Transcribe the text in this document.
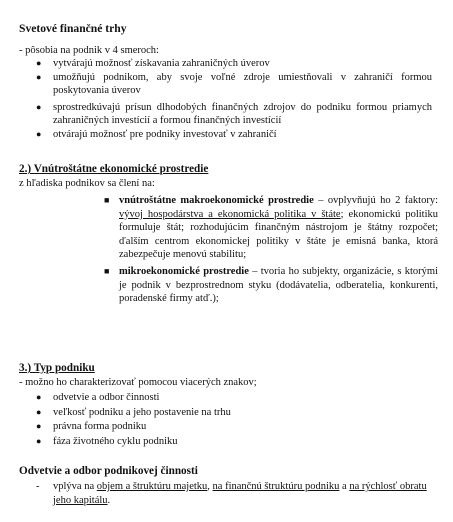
Svetové finančné trhy
- pôsobia na podnik v 4 smeroch:
● vytvárajú možnosť získavania zahraničných úverov
● umožňujú podnikom, aby svoje voľné zdroje umiestňovali v zahraničí formou poskytovania úverov
● sprostredkúvajú prísun dlhodobých finančných zdrojov do podniku formou priamych zahraničných investícií a formou finančných investícií
● otvárajú možnosť pre podniky investovať v zahraničí
2.) Vnútroštátne ekonomické prostredie
z hľadiska podnikov sa člení na:
■ vnútroštátne makroekonomické prostredie – ovplyvňujú ho 2 faktory: vývoj hospodárstva a ekonomická politika v štáte; ekonomickú politiku formuluje štát; rozhodujúcim finančným nástrojom je štátny rozpočet; ďalším centrom ekonomickej politiky v štáte je emisná banka, ktorá zabezpečuje menovú stabilitu;
■ mikroekonomické prostredie – tvoria ho subjekty, organizácie, s ktorými je podnik v bezprostrednom styku (dodávatelia, odberatelia, konkurenti, poradenské firmy atď.);
3.) Typ podniku
- možno ho charakterizovať pomocou viacerých znakov;
● odvetvie a odbor činnosti
● veľkosť podniku a jeho postavenie na trhu
● právna forma podniku
● fáza životného cyklu podniku
Odvetvie a odbor podnikovej činnosti
- vplýva na objem a štruktúru majetku, na finančnú štruktúru podniku a na rýchlosť obratu jeho kapitálu.
